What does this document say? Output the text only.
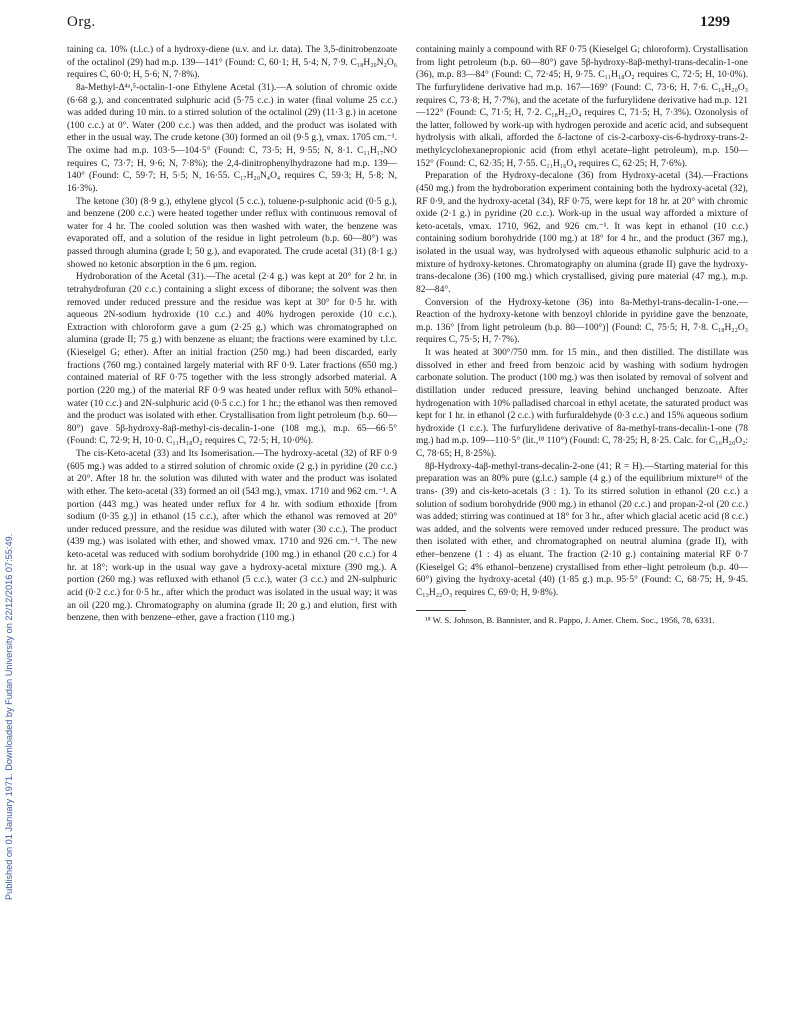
Published on 01 January 1971. Downloaded by Fudan University on 22/12/2016 07:55:49.
Org.	1299

taining ca. 10% (t.l.c.) of a hydroxy-diene (u.v. and i.r. data). The 3,5-dinitrobenzoate of the octalinol (29) had m.p. 139—141° (Found: C, 60·1; H, 5·4; N, 7·9. C₁₈H₂₀N₂O₆ requires C, 60·0; H, 5·6; N, 7·8%).

8a-Methyl-Δ⁴ᵃ,⁵-octalin-1-one Ethylene Acetal (31).—A solution of chromic oxide (6·68 g.), and concentrated sulphuric acid (5·75 c.c.) in water (final volume 25 c.c.) was added during 10 min. to a stirred solution of the octalinol (29) (11·3 g.) in acetone (100 c.c.) at 0°. Water (200 c.c.) was then added, and the product was isolated with ether in the usual way. The crude ketone (30) formed an oil (9·5 g.), νmax. 1705 cm.⁻¹. The oxime had m.p. 103·5—104·5° (Found: C, 73·5; H, 9·55; N, 8·1. C₁₁H₁₇NO requires C, 73·7; H, 9·6; N, 7·8%); the 2,4-dinitrophenylhydrazone had m.p. 139—140° (Found: C, 59·7; H, 5·5; N, 16·55. C₁₇H₂₀N₄O₄ requires C, 59·3; H, 5·8; N, 16·3%).

The ketone (30) (8·9 g.), ethylene glycol (5 c.c.), toluene-p-sulphonic acid (0·5 g.), and benzene (200 c.c.) were heated together under reflux with continuous removal of water for 4 hr. The cooled solution was then washed with water, the benzene was evaporated off, and a solution of the residue in light petroleum (b.p. 60—80°) was passed through alumina (grade I; 50 g.), and evaporated. The crude acetal (31) (8·1 g.) showed no ketonic absorption in the 6 μm. region.

Hydroboration of the Acetal (31).—The acetal (2·4 g.) was kept at 20° for 2 hr. in tetrahydrofuran (20 c.c.) containing a slight excess of diborane; the solvent was then removed under reduced pressure and the residue was kept at 30° for 0·5 hr. with aqueous 2N-sodium hydroxide (10 c.c.) and 40% hydrogen peroxide (10 c.c.). Extraction with chloroform gave a gum (2·25 g.) which was chromatographed on alumina (grade II; 75 g.) with benzene as eluant; the fractions were examined by t.l.c. (Kieselgel G; ether). After an initial fraction (250 mg.) had been discarded, early fractions (760 mg.) contained largely material with RF 0·9. Later fractions (650 mg.) contained material of RF 0·75 together with the less strongly adsorbed material. A portion (220 mg.) of the material RF 0·9 was heated under reflux with 50% ethanol–water (10 c.c.) and 2N-sulphuric acid (0·5 c.c.) for 1 hr.; the ethanol was then removed and the product was isolated with ether. Crystallisation from light petroleum (b.p. 60—80°) gave 5β-hydroxy-8aβ-methyl-cis-decalin-1-one (108 mg.), m.p. 65—66·5° (Found: C, 72·9; H, 10·0. C₁₁H₁₈O₂ requires C, 72·5; H, 10·0%).

The cis-Keto-acetal (33) and Its Isomerisation.—The hydroxy-acetal (32) of RF 0·9 (605 mg.) was added to a stirred solution of chromic oxide (2 g.) in pyridine (20 c.c.) at 20°. After 18 hr. the solution was diluted with water and the product was isolated with ether. The keto-acetal (33) formed an oil (543 mg.), νmax. 1710 and 962 cm.⁻¹. A portion (443 mg.) was heated under reflux for 4 hr. with sodium ethoxide [from sodium (0·35 g.)] in ethanol (15 c.c.), after which the ethanol was removed at 20° under reduced pressure, and the residue was diluted with water (30 c.c.). The product (439 mg.) was isolated with ether, and showed νmax. 1710 and 926 cm.⁻¹. The new keto-acetal was reduced with sodium borohydride (100 mg.) in ethanol (20 c.c.) for 4 hr. at 18°; work-up in the usual way gave a hydroxy-acetal mixture (390 mg.). A portion (260 mg.) was refluxed with ethanol (5 c.c.), water (3 c.c.) and 2N-sulphuric acid (0·2 c.c.) for 0·5 hr., after which the product was isolated in the usual way; it was an oil (220 mg.). Chromatography on alumina (grade II; 20 g.) and elution, first with benzene, then with benzene–ether, gave a fraction (110 mg.)

containing mainly a compound with RF 0·75 (Kieselgel G; chloroform). Crystallisation from light petroleum (b.p. 60—80°) gave 5β-hydroxy-8aβ-methyl-trans-decalin-1-one (36), m.p. 83—84° (Found: C, 72·45; H, 9·75. C₁₁H₁₈O₂ requires C, 72·5; H, 10·0%). The furfurylidene derivative had m.p. 167—169° (Found: C, 73·6; H, 7·6. C₁₆H₂₀O₃ requires C, 73·8; H, 7·7%), and the acetate of the furfurylidene derivative had m.p. 121—122° (Found: C, 71·5; H, 7·2. C₁₈H₂₂O₄ requires C, 71·5; H, 7·3%). Ozonolysis of the latter, followed by work-up with hydrogen peroxide and acetic acid, and subsequent hydrolysis with alkali, afforded the δ-lactone of cis-2-carboxy-cis-6-hydroxy-trans-2-methylcyclohexanepropionic acid (from ethyl acetate–light petroleum), m.p. 150—152° (Found: C, 62·35; H, 7·55. C₁₁H₁₆O₄ requires C, 62·25; H, 7·6%).

Preparation of the Hydroxy-decalone (36) from Hydroxy-acetal (34).—Fractions (450 mg.) from the hydroboration experiment containing both the hydroxy-acetal (32), RF 0·9, and the hydroxy-acetal (34), RF 0·75, were kept for 18 hr. at 20° with chromic oxide (2·1 g.) in pyridine (20 c.c.). Work-up in the usual way afforded a mixture of keto-acetals, νmax. 1710, 962, and 926 cm.⁻¹. It was kept in ethanol (10 c.c.) containing sodium borohydride (100 mg.) at 18° for 4 hr., and the product (367 mg.), isolated in the usual way, was hydrolysed with aqueous ethanolic sulphuric acid to a mixture of hydroxy-ketones. Chromatography on alumina (grade II) gave the hydroxy-trans-decalone (36) (100 mg.) which crystallised, giving pure material (47 mg.), m.p. 82—84°.

Conversion of the Hydroxy-ketone (36) into 8a-Methyl-trans-decalin-1-one.—Reaction of the hydroxy-ketone with benzoyl chloride in pyridine gave the benzoate, m.p. 136° [from light petroleum (b.p. 80—100°)] (Found: C, 75·5; H, 7·8. C₁₈H₂₂O₃ requires C, 75·5; H, 7·7%).

It was heated at 300°/750 mm. for 15 min., and then distilled. The distillate was dissolved in ether and freed from benzoic acid by washing with sodium hydrogen carbonate solution. The product (100 mg.) was then isolated by removal of solvent and distillation under reduced pressure, leaving behind unchanged benzoate. After hydrogenation with 10% palladised charcoal in ethyl acetate, the saturated product was kept for 1 hr. in ethanol (2 c.c.) with furfuraldehyde (0·3 c.c.) and 15% aqueous sodium hydroxide (1 c.c.). The furfurylidene derivative of 8a-methyl-trans-decalin-1-one (78 mg.) had m.p. 109—110·5° (lit.,¹⁸ 110°) (Found: C, 78·25; H, 8·25. Calc. for C₁₆H₂₀O₂: C, 78·65; H, 8·25%).

8β-Hydroxy-4aβ-methyl-trans-decalin-2-one (41; R = H).—Starting material for this preparation was an 80% pure (g.l.c.) sample (4 g.) of the equilibrium mixture¹⁶ of the trans- (39) and cis-keto-acetals (3 : 1). To its stirred solution in ethanol (20 c.c.) a solution of sodium borohydride (900 mg.) in ethanol (20 c.c.) and propan-2-ol (20 c.c.) was added; stirring was continued at 18° for 3 hr., after which glacial acetic acid (8 c.c.) was added, and the solvents were removed under reduced pressure. The product was then isolated with ether, and chromatographed on neutral alumina (grade II), with ether–benzene (1 : 4) as eluant. The fraction (2·10 g.) containing material RF 0·7 (Kieselgel G; 4% ethanol–benzene) crystallised from ether–light petroleum (b.p. 40—60°) giving the hydroxy-acetal (40) (1·85 g.) m.p. 95·5° (Found: C, 68·75; H, 9·45. C₁₃H₂₂O₃ requires C, 69·0; H, 9·8%).

¹⁸ W. S. Johnson, B. Bannister, and R. Pappo, J. Amer. Chem. Soc., 1956, 78, 6331.
